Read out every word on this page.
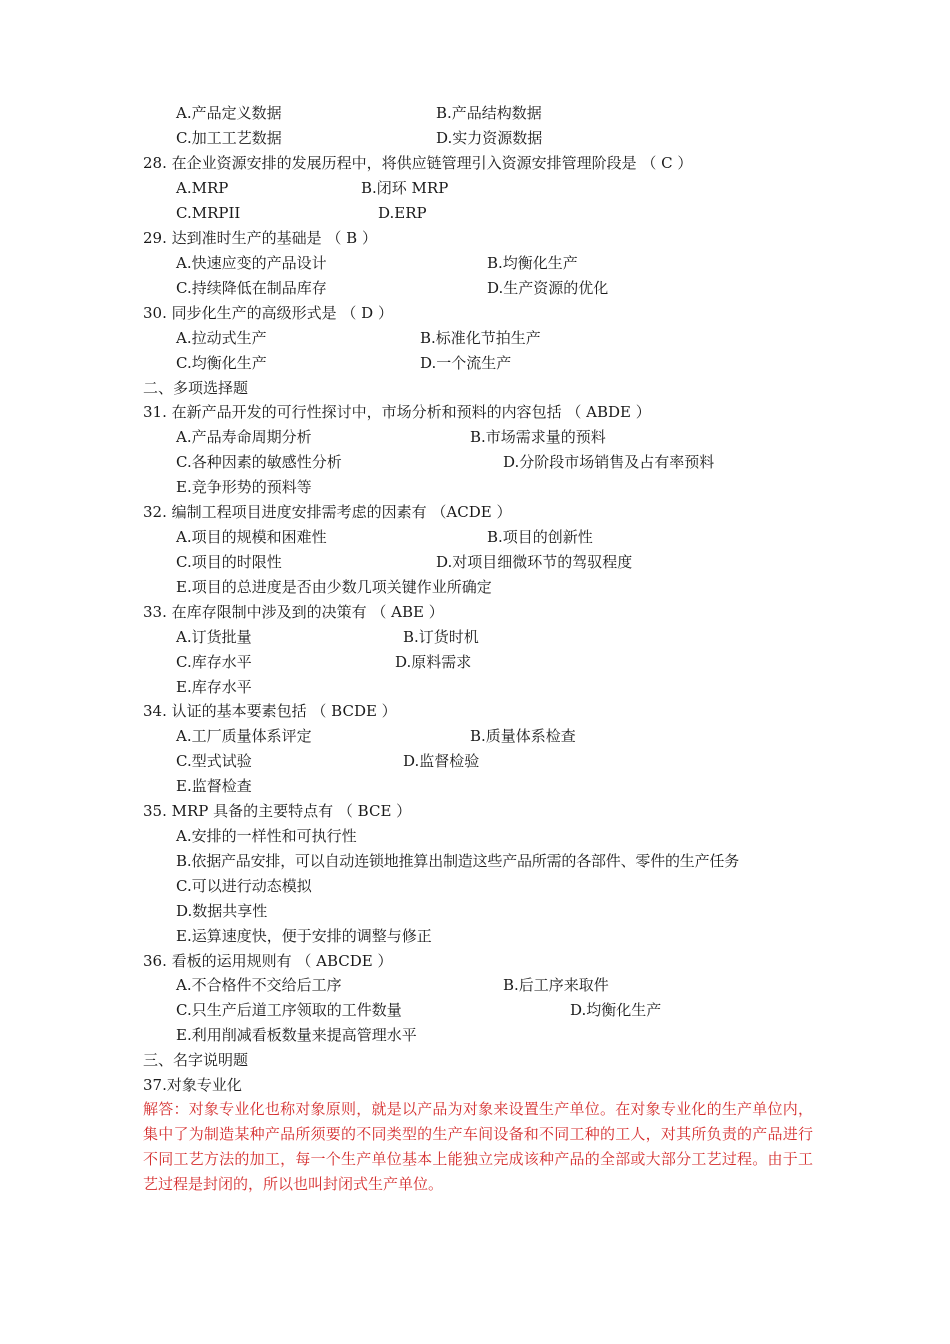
A.产品定义数据	B.产品结构数据
C.加工工艺数据	D.实力资源数据
28. 在企业资源安排的发展历程中，将供应链管理引入资源安排管理阶段是 （ C ）
A.MRP	B.闭环 MRP
C.MRPII	D.ERP
29. 达到准时生产的基础是 （ B ）
A.快速应变的产品设计	B.均衡化生产
C.持续降低在制品库存	D.生产资源的优化
30. 同步化生产的高级形式是 （ D ）
A.拉动式生产	B.标准化节拍生产
C.均衡化生产	D.一个流生产
二、多项选择题
31. 在新产品开发的可行性探讨中，市场分析和预料的内容包括 （ ABDE ）
A.产品寿命周期分析	B.市场需求量的预料
C.各种因素的敏感性分析	D.分阶段市场销售及占有率预料
E.竞争形势的预料等
32. 编制工程项目进度安排需考虑的因素有 （ACDE ）
A.项目的规模和困难性	B.项目的创新性
C.项目的时限性	D.对项目细微环节的驾驭程度
E.项目的总进度是否由少数几项关键作业所确定
33. 在库存限制中涉及到的决策有 （ ABE ）
A.订货批量	B.订货时机
C.库存水平	D.原料需求
E.库存水平
34. 认证的基本要素包括 （ BCDE ）
A.工厂质量体系评定	B.质量体系检查
C.型式试验	D.监督检验
E.监督检查
35. MRP 具备的主要特点有 （ BCE ）
A.安排的一样性和可执行性
B.依据产品安排，可以自动连锁地推算出制造这些产品所需的各部件、零件的生产任务
C.可以进行动态模拟
D.数据共享性
E.运算速度快，便于安排的调整与修正
36. 看板的运用规则有 （ ABCDE ）
A.不合格件不交给后工序	B.后工序来取件
C.只生产后道工序领取的工件数量	D.均衡化生产
E.利用削减看板数量来提高管理水平
三、名字说明题
37.对象专业化
解答：对象专业化也称对象原则，就是以产品为对象来设置生产单位。在对象专业化的生产单位内，集中了为制造某种产品所须要的不同类型的生产车间设备和不同工种的工人，对其所负责的产品进行不同工艺方法的加工，每一个生产单位基本上能独立完成该种产品的全部或大部分工艺过程。由于工艺过程是封闭的，所以也叫封闭式生产单位。
